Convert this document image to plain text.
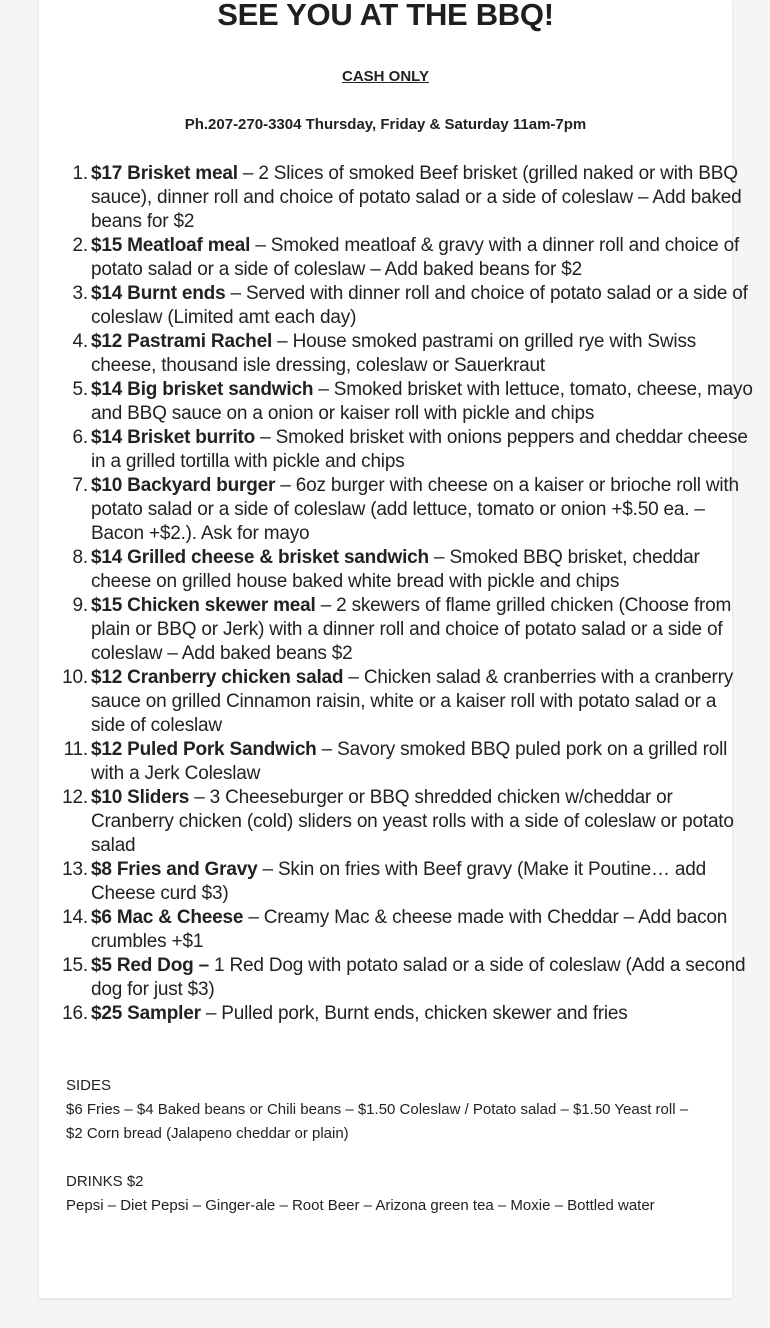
SEE YOU AT THE BBQ!
CASH ONLY
Ph.207-270-3304 Thursday, Friday & Saturday 11am-7pm
1. $17 Brisket meal – 2 Slices of smoked Beef brisket (grilled naked or with BBQ sauce), dinner roll and choice of potato salad or a side of coleslaw – Add baked beans for $2
2. $15 Meatloaf meal – Smoked meatloaf & gravy with a dinner roll and choice of potato salad or a side of coleslaw – Add baked beans for $2
3. $14 Burnt ends – Served with dinner roll and choice of potato salad or a side of coleslaw (Limited amt each day)
4. $12 Pastrami Rachel – House smoked pastrami on grilled rye with Swiss cheese, thousand isle dressing, coleslaw or Sauerkraut
5. $14 Big brisket sandwich – Smoked brisket with lettuce, tomato, cheese, mayo and BBQ sauce on a onion or kaiser roll with pickle and chips
6. $14 Brisket burrito – Smoked brisket with onions peppers and cheddar cheese in a grilled tortilla with pickle and chips
7. $10 Backyard burger – 6oz burger with cheese on a kaiser or brioche roll with potato salad or a side of coleslaw (add lettuce, tomato or onion +$.50 ea. – Bacon +$2.). Ask for mayo
8. $14 Grilled cheese & brisket sandwich – Smoked BBQ brisket, cheddar cheese on grilled house baked white bread with pickle and chips
9. $15 Chicken skewer meal – 2 skewers of flame grilled chicken (Choose from plain or BBQ or Jerk) with a dinner roll and choice of potato salad or a side of coleslaw – Add baked beans $2
10. $12 Cranberry chicken salad – Chicken salad & cranberries with a cranberry sauce on grilled Cinnamon raisin, white or a kaiser roll with potato salad or a side of coleslaw
11. $12 Puled Pork Sandwich – Savory smoked BBQ puled pork on a grilled roll with a Jerk Coleslaw
12. $10 Sliders – 3 Cheeseburger or BBQ shredded chicken w/cheddar or Cranberry chicken (cold) sliders on yeast rolls with a side of coleslaw or potato salad
13. $8 Fries and Gravy – Skin on fries with Beef gravy (Make it Poutine… add Cheese curd $3)
14. $6 Mac & Cheese – Creamy Mac & cheese made with Cheddar – Add bacon crumbles +$1
15. $5 Red Dog – 1 Red Dog with potato salad or a side of coleslaw (Add a second dog for just $3)
16. $25 Sampler – Pulled pork, Burnt ends, chicken skewer and fries
SIDES
$6 Fries – $4 Baked beans or Chili beans – $1.50 Coleslaw / Potato salad – $1.50 Yeast roll – $2 Corn bread (Jalapeno cheddar or plain)
DRINKS $2
Pepsi – Diet Pepsi – Ginger-ale – Root Beer – Arizona green tea – Moxie – Bottled water
